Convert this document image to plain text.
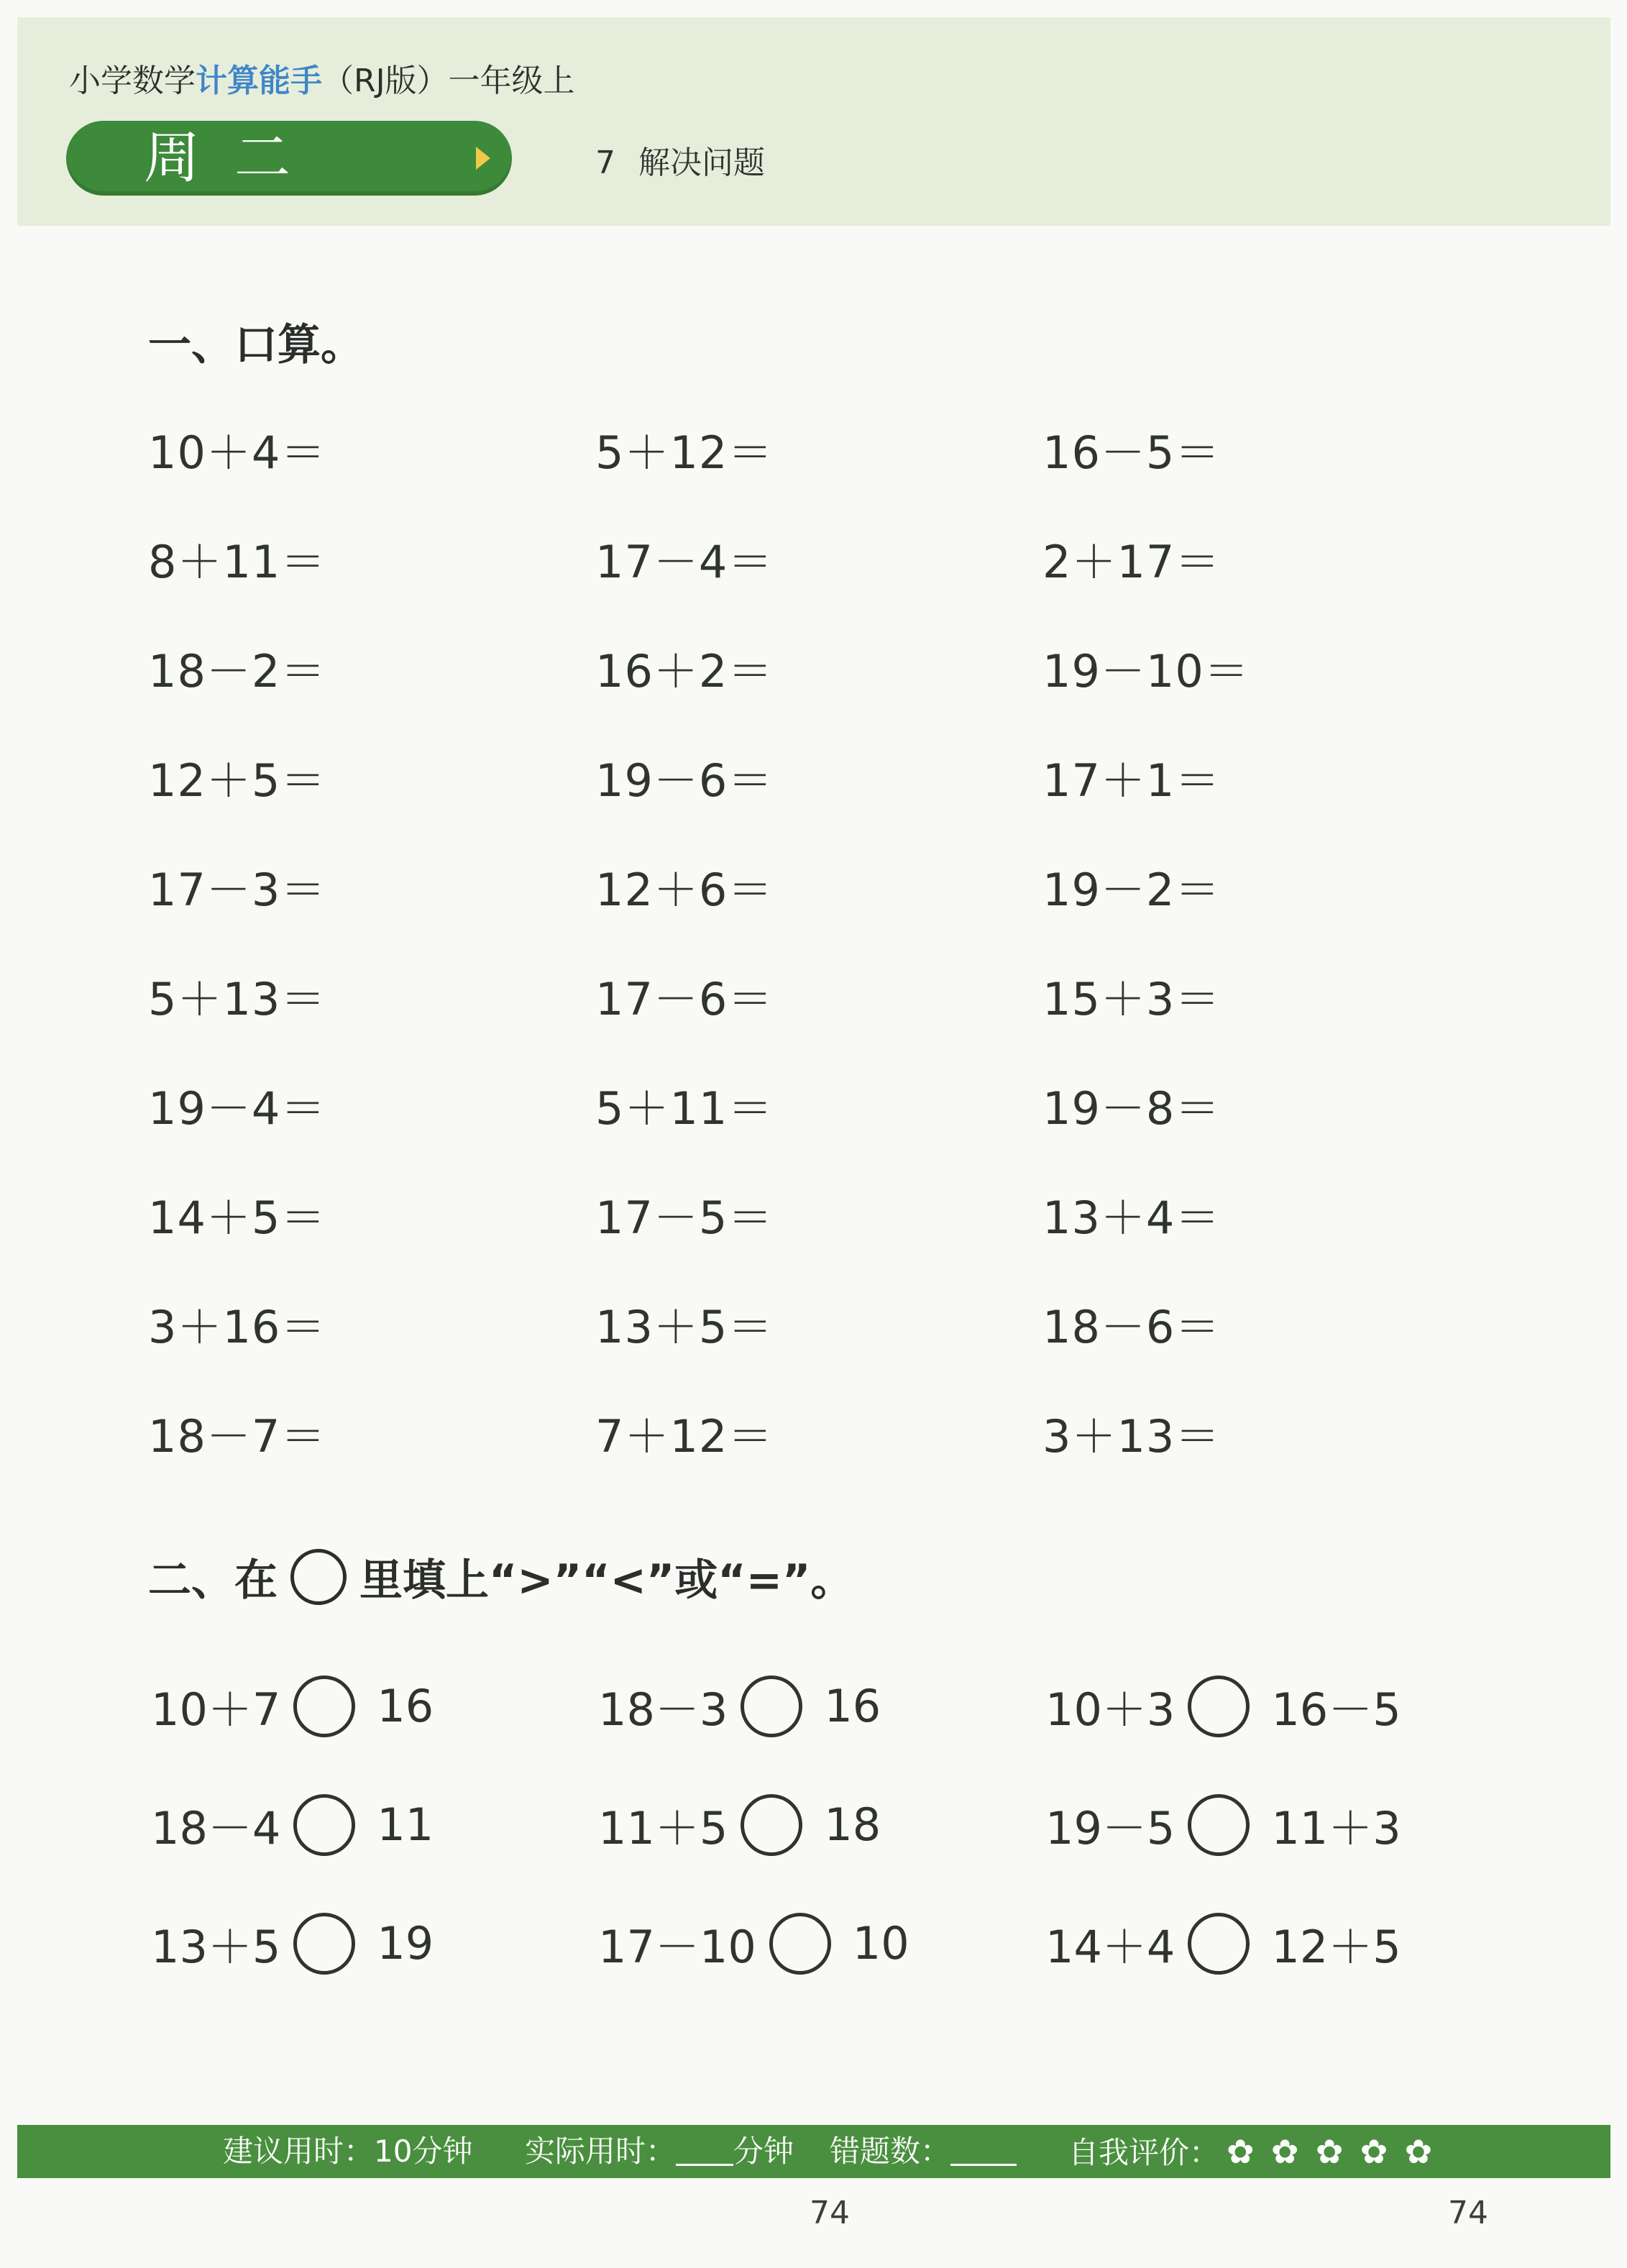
小学数学计算能手（RJ版）一年级上
周二	7 解决问题
一、口算。
10＋4＝	5＋12＝	16－5＝
8＋11＝	17－4＝	2＋17＝
18－2＝	16＋2＝	19－10＝
12＋5＝	19－6＝	17＋1＝
17－3＝	12＋6＝	19－2＝
5＋13＝	17－6＝	15＋3＝
19－4＝	5＋11＝	19－8＝
14＋5＝	17－5＝	13＋4＝
3＋16＝	13＋5＝	18－6＝
18－7＝	7＋12＝	3＋13＝
二、在 里填上“>”“<”或“=”。
10＋7 16	18－3 16	10＋3 16－5
18－4 11	11＋5 18	19－5 11＋3
13＋5 19	17－10 10	14＋4 12＋5
建议用时：10分钟 实际用时： 分钟 错题数：	自我评价： ✿ ✿ ✿ ✿ ✿
74	74
